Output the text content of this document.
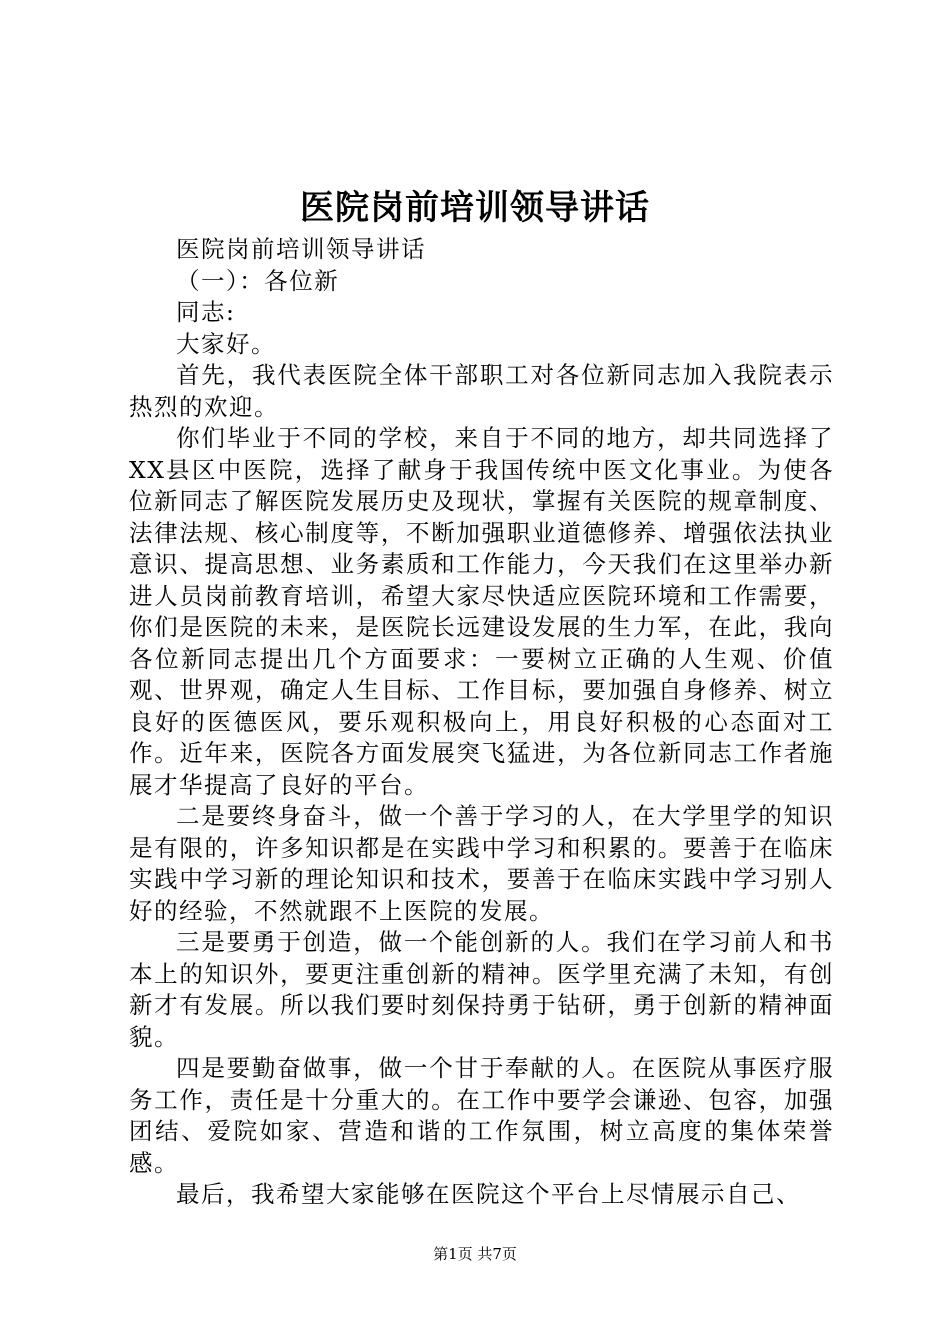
医院岗前培训领导讲话

医院岗前培训领导讲话

（一）：各位新

同志:

大家好。

首先，我代表医院全体干部职工对各位新同志加入我院表示热烈的欢迎。

你们毕业于不同的学校，来自于不同的地方，却共同选择了XX县区中医院，选择了献身于我国传统中医文化事业。为使各位新同志了解医院发展历史及现状，掌握有关医院的规章制度、法律法规、核心制度等，不断加强职业道德修养、增强依法执业意识、提高思想、业务素质和工作能力，今天我们在这里举办新进人员岗前教育培训，希望大家尽快适应医院环境和工作需要，你们是医院的未来，是医院长远建设发展的生力军，在此，我向各位新同志提出几个方面要求：一要树立正确的人生观、价值观、世界观，确定人生目标、工作目标，要加强自身修养、树立良好的医德医风，要乐观积极向上，用良好积极的心态面对工作。近年来，医院各方面发展突飞猛进，为各位新同志工作者施展才华提高了良好的平台。

二是要终身奋斗，做一个善于学习的人，在大学里学的知识是有限的，许多知识都是在实践中学习和积累的。要善于在临床实践中学习新的理论知识和技术，要善于在临床实践中学习别人好的经验，不然就跟不上医院的发展。

三是要勇于创造，做一个能创新的人。我们在学习前人和书本上的知识外，要更注重创新的精神。医学里充满了未知，有创新才有发展。所以我们要时刻保持勇于钻研，勇于创新的精神面貌。

四是要勤奋做事，做一个甘于奉献的人。在医院从事医疗服务工作，责任是十分重大的。在工作中要学会谦逊、包容，加强团结、爱院如家、营造和谐的工作氛围，树立高度的集体荣誉感。

最后，我希望大家能够在医院这个平台上尽情展示自己、

第1页 共7页
